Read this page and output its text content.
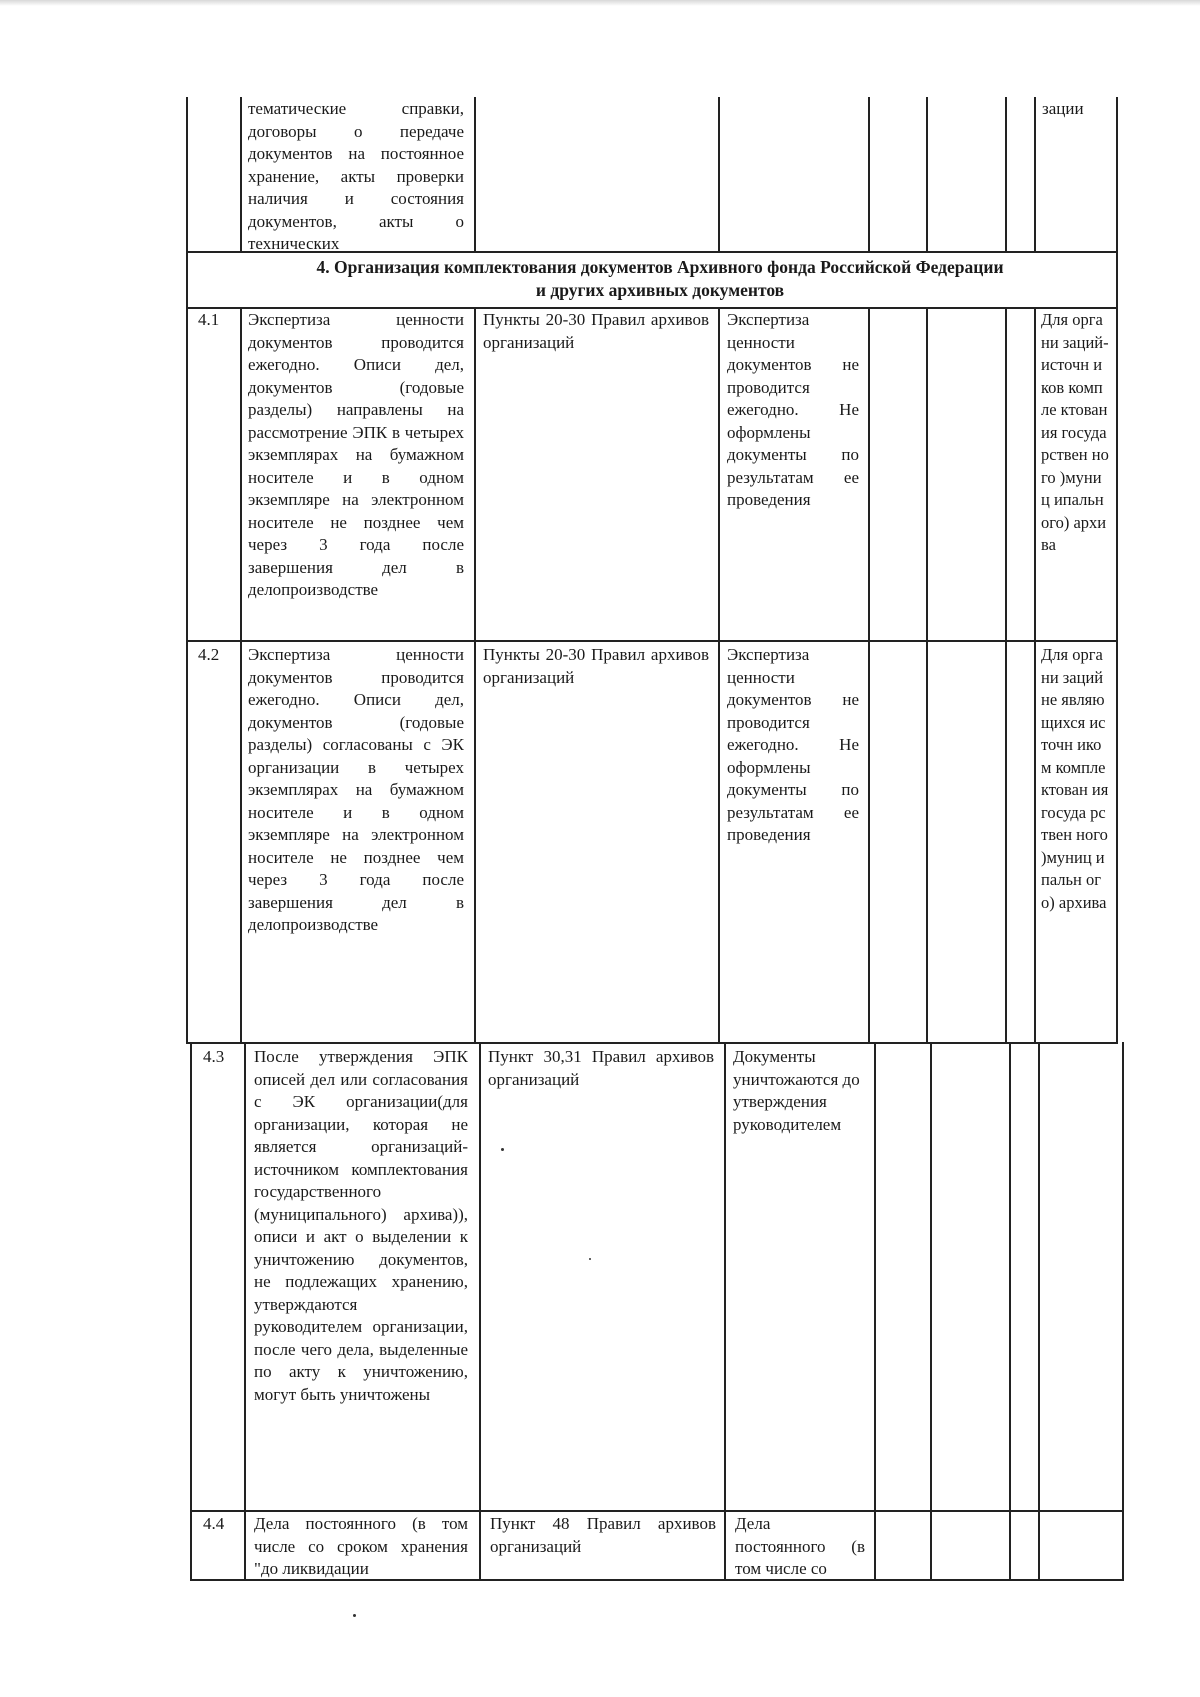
тематические справки, договоры о передаче документов на постоянное хранение, акты проверки наличия и состояния документов, акты о технических
зации
4. Организация комплектования документов Архивного фонда Российской Федерации
и других архивных документов
4.1 Экспертиза ценности документов проводится ежегодно. Описи дел, документов (годовые разделы) направлены на рассмотрение ЭПК в четырех экземплярах на бумажном носителе и в одном экземпляре на электронном носителе не позднее чем через 3 года после завершения дел в делопроизводстве
Пункты 20-30 Правил архивов организаций
Экспертиза ценности документов не проводится ежегодно. Не оформлены документы по результатам ее проведения
Для органи заций-источн иков компле ктован ия госуда рствен ного )муниц ипальн ого) архива
4.2 Экспертиза ценности документов проводится ежегодно. Описи дел, документов (годовые разделы) согласованы с ЭК организации в четырех экземплярах на бумажном носителе и в одном экземпляре на электронном носителе не позднее чем через 3 года после завершения дел в делопроизводстве
Пункты 20-30 Правил архивов организаций
Экспертиза ценности документов не проводится ежегодно. Не оформлены документы по результатам ее проведения
Для органи заций не являю щихся источн иком компле ктован ия госуда рствен ного )муниц ипальн ого) архива
4.3 После утверждения ЭПК описей дел или согласования с ЭК организации(для организации, которая не является организаций-источником комплектования государственного (муниципального) архива)), описи и акт о выделении к уничтожению документов, не подлежащих хранению, утверждаются руководителем организации, после чего дела, выделенные по акту к уничтожению, могут быть уничтожены
Пункт 30,31 Правил архивов организаций
Документы уничтожаются до утверждения руководителем
4.4 Дела постоянного (в том числе со сроком хранения "до ликвидации
Пункт 48 Правил архивов организаций
Дела постоянного (в том числе со
